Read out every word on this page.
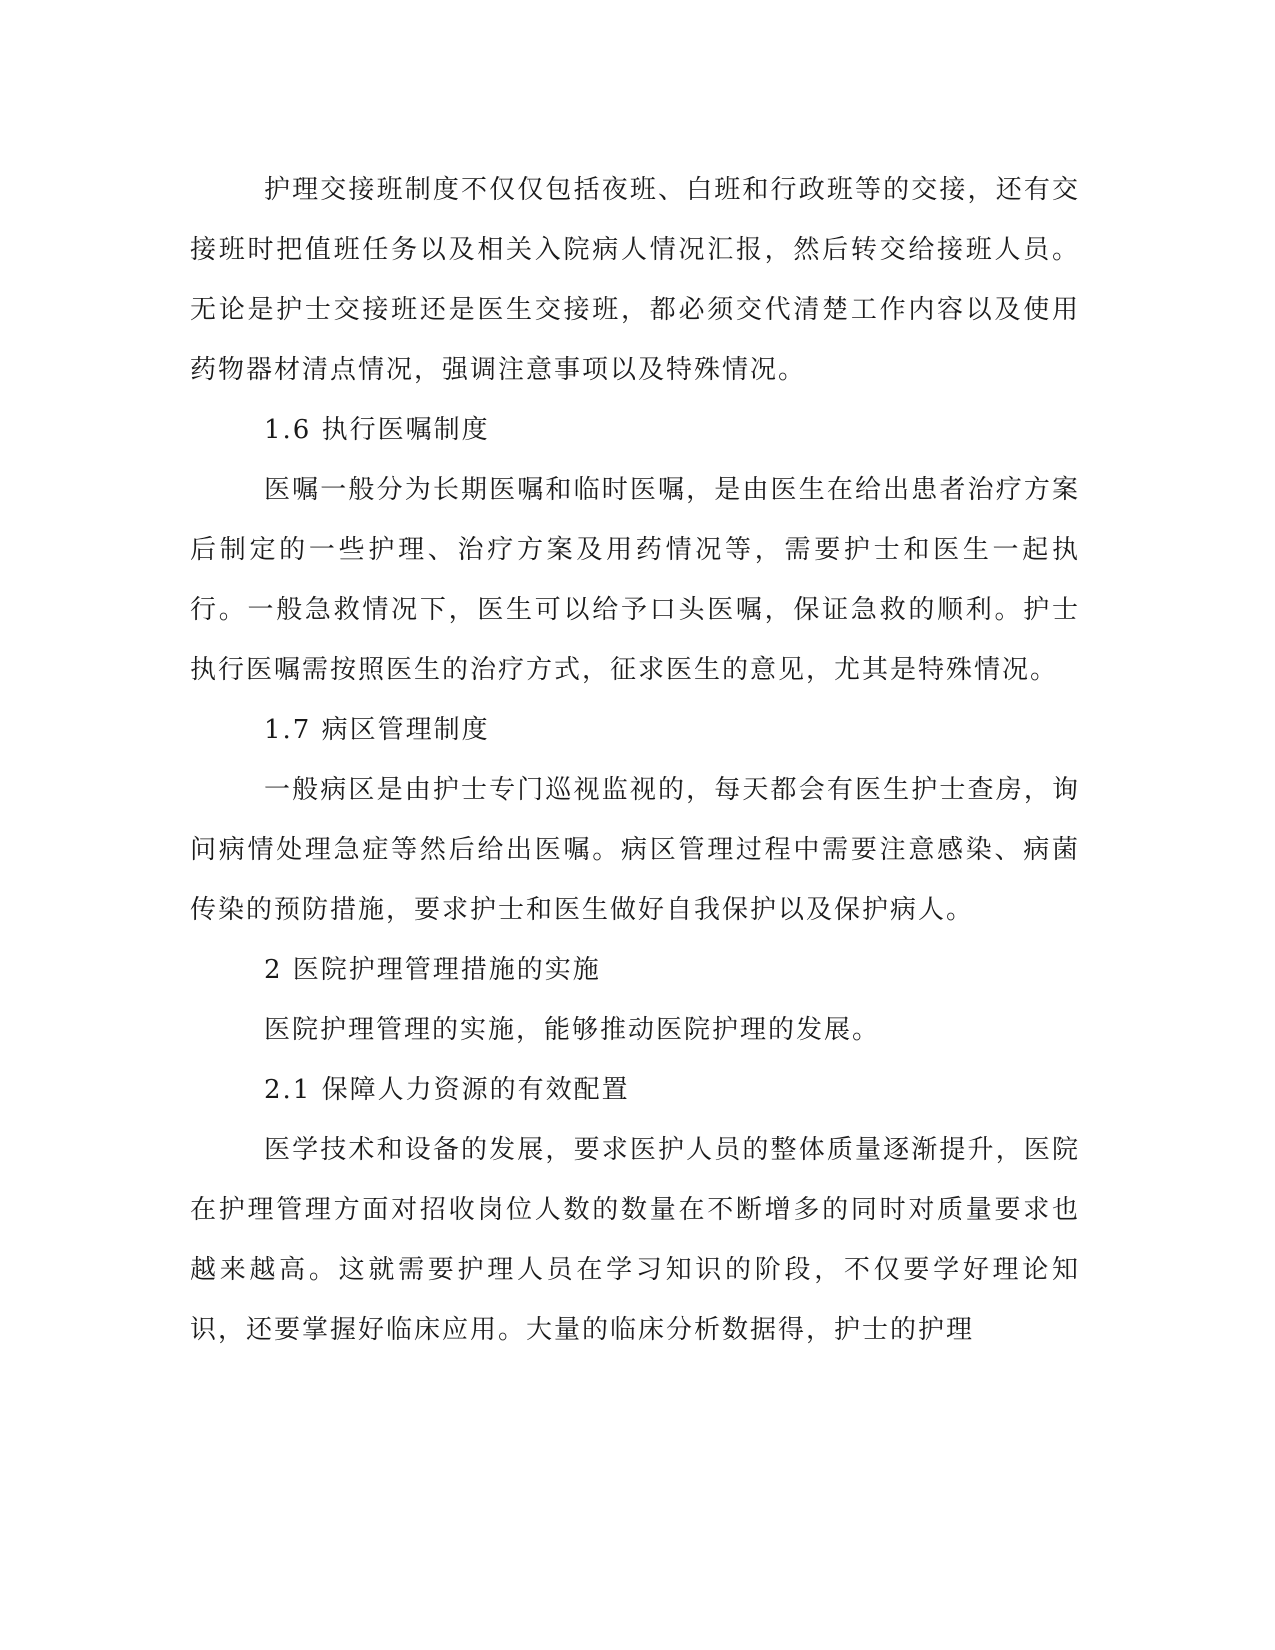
护理交接班制度不仅仅包括夜班、白班和行政班等的交接，还有交接班时把值班任务以及相关入院病人情况汇报，然后转交给接班人员。无论是护士交接班还是医生交接班，都必须交代清楚工作内容以及使用药物器材清点情况，强调注意事项以及特殊情况。

1.6 执行医嘱制度

医嘱一般分为长期医嘱和临时医嘱，是由医生在给出患者治疗方案后制定的一些护理、治疗方案及用药情况等，需要护士和医生一起执行。一般急救情况下，医生可以给予口头医嘱，保证急救的顺利。护士执行医嘱需按照医生的治疗方式，征求医生的意见，尤其是特殊情况。

1.7 病区管理制度

一般病区是由护士专门巡视监视的，每天都会有医生护士查房，询问病情处理急症等然后给出医嘱。病区管理过程中需要注意感染、病菌传染的预防措施，要求护士和医生做好自我保护以及保护病人。

2 医院护理管理措施的实施

医院护理管理的实施，能够推动医院护理的发展。

2.1 保障人力资源的有效配置

医学技术和设备的发展，要求医护人员的整体质量逐渐提升，医院在护理管理方面对招收岗位人数的数量在不断增多的同时对质量要求也越来越高。这就需要护理人员在学习知识的阶段，不仅要学好理论知识，还要掌握好临床应用。大量的临床分析数据得，护士的护理
